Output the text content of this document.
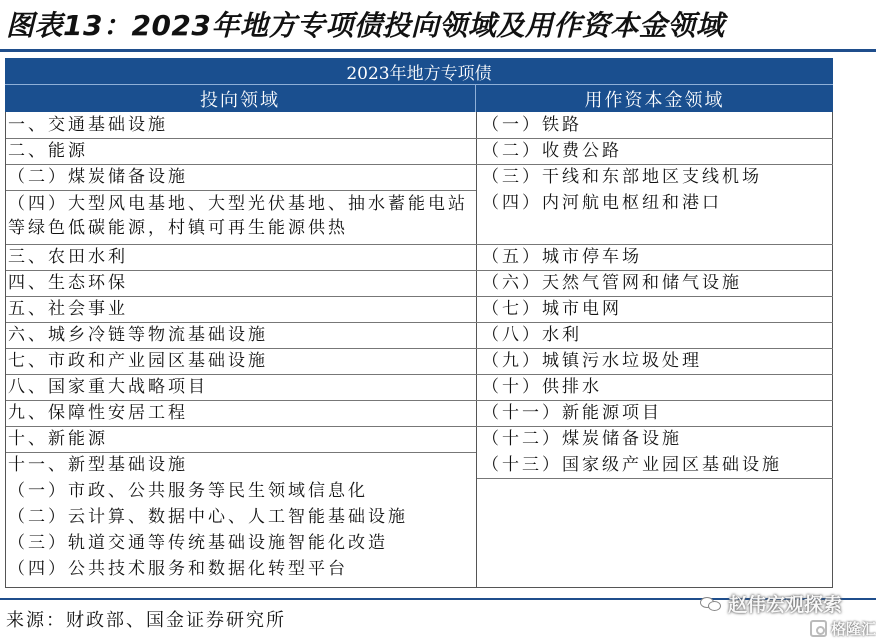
图表13：2023年地方专项债投向领域及用作资本金领域
2023年地方专项债
投向领域	用作资本金领域
一、交通基础设施
二、能源
（二）煤炭储备设施
（四）大型风电基地、大型光伏基地、抽水蓄能电站等绿色低碳能源，村镇可再生能源供热
三、农田水利
四、生态环保
五、社会事业
六、城乡冷链等物流基础设施
七、市政和产业园区基础设施
八、国家重大战略项目
九、保障性安居工程
十、新能源
十一、新型基础设施
（一）市政、公共服务等民生领域信息化
（二）云计算、数据中心、人工智能基础设施
（三）轨道交通等传统基础设施智能化改造
（四）公共技术服务和数据化转型平台
（一）铁路
（二）收费公路
（三）干线和东部地区支线机场
（四）内河航电枢纽和港口
（五）城市停车场
（六）天然气管网和储气设施
（七）城市电网
（八）水利
（九）城镇污水垃圾处理
（十）供排水
（十一）新能源项目
（十二）煤炭储备设施
（十三）国家级产业园区基础设施
来源：财政部、国金证券研究所
赵伟宏观探索
格隆汇
